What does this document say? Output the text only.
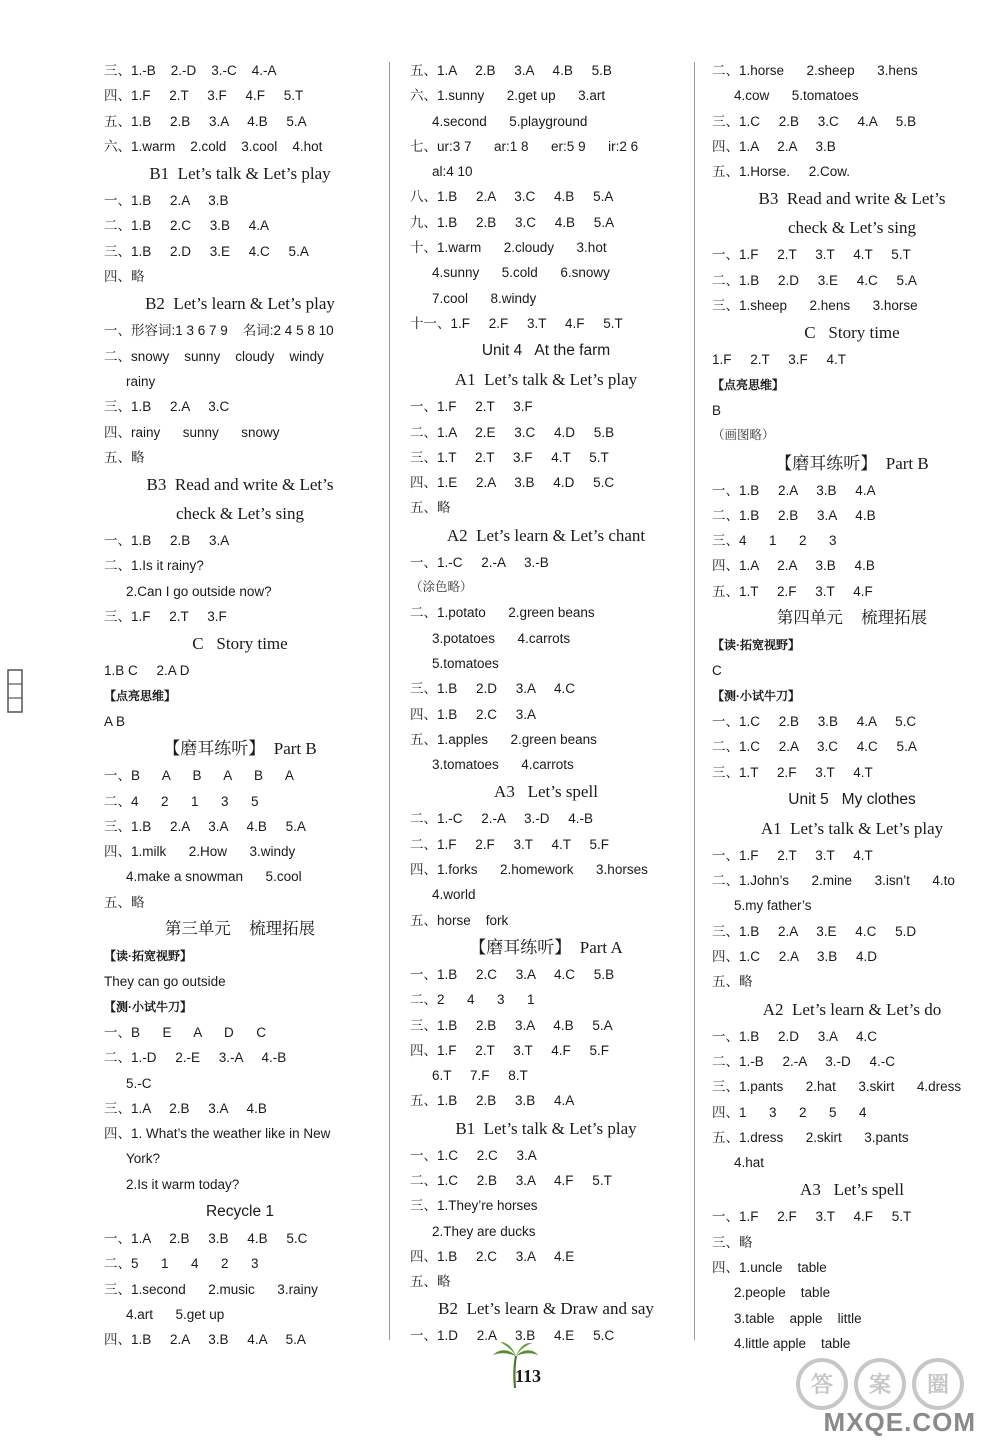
三、1.-B    2.-D    3.-C    4.-A
四、1.F     2.T     3.F     4.F     5.T
五、1.B     2.B     3.A     4.B     5.A
六、1.warm    2.cold    3.cool    4.hot
B1  Let’s talk & Let’s play
一、1.B     2.A     3.B
二、1.B     2.C     3.B     4.A
三、1.B     2.D     3.E     4.C     5.A
四、略
B2  Let’s learn & Let’s play
一、形容词:1 3 6 7 9    名词:2 4 5 8 10
二、snowy    sunny    cloudy    windy
rainy
三、1.B     2.A     3.C
四、rainy      sunny      snowy
五、略
B3  Read and write & Let’s
check & Let’s sing
一、1.B     2.B     3.A
二、1.Is it rainy?
2.Can I go outside now?
三、1.F     2.T     3.F
C   Story time
1.B C     2.A D
【点亮思维】
A B
【磨耳练听】  Part B
一、B      A      B      A      B      A
二、4      2      1      3      5
三、1.B     2.A     3.A     4.B     5.A
四、1.milk      2.How      3.windy
4.make a snowman      5.cool
五、略
第三单元    梳理拓展
【读·拓宽视野】
They can go outside
【测·小试牛刀】
一、B      E      A      D      C
二、1.-D     2.-E     3.-A     4.-B
5.-C
三、1.A     2.B     3.A     4.B
四、1. What’s the weather like in New
York?
2.Is it warm today?
Recycle 1
一、1.A     2.B     3.B     4.B     5.C
二、5      1      4      2      3
三、1.second      2.music      3.rainy
4.art      5.get up
四、1.B     2.A     3.B     4.A     5.A
五、1.A     2.B     3.A     4.B     5.B
六、1.sunny      2.get up      3.art
4.second      5.playground
七、ur:3 7      ar:1 8      er:5 9      ir:2 6
al:4 10
八、1.B     2.A     3.C     4.B     5.A
九、1.B     2.B     3.C     4.B     5.A
十、1.warm      2.cloudy      3.hot
4.sunny      5.cold      6.snowy
7.cool      8.windy
十一、1.F     2.F     3.T     4.F     5.T
Unit 4   At the farm
A1  Let’s talk & Let’s play
一、1.F     2.T     3.F
二、1.A     2.E     3.C     4.D     5.B
三、1.T     2.T     3.F     4.T     5.T
四、1.E     2.A     3.B     4.D     5.C
五、略
A2  Let’s learn & Let’s chant
一、1.-C     2.-A     3.-B
（涂色略）
二、1.potato      2.green beans
3.potatoes      4.carrots
5.tomatoes
三、1.B     2.D     3.A     4.C
四、1.B     2.C     3.A
五、1.apples      2.green beans
3.tomatoes      4.carrots
A3   Let’s spell
二、1.-C     2.-A     3.-D     4.-B
二、1.F     2.F     3.T     4.T     5.F
四、1.forks      2.homework      3.horses
4.world
五、horse    fork
【磨耳练听】  Part A
一、1.B     2.C     3.A     4.C     5.B
二、2      4      3      1
三、1.B     2.B     3.A     4.B     5.A
四、1.F     2.T     3.T     4.F     5.F
6.T     7.F     8.T
五、1.B     2.B     3.B     4.A
B1  Let’s talk & Let’s play
一、1.C     2.C     3.A
二、1.C     2.B     3.A     4.F     5.T
三、1.They’re horses
2.They are ducks
四、1.B     2.C     3.A     4.E
五、略
B2  Let’s learn & Draw and say
一、1.D     2.A     3.B     4.E     5.C
二、1.horse      2.sheep      3.hens
4.cow      5.tomatoes
三、1.C     2.B     3.C     4.A     5.B
四、1.A     2.A     3.B
五、1.Horse.     2.Cow.
B3  Read and write & Let’s
check & Let’s sing
一、1.F     2.T     3.T     4.T     5.T
二、1.B     2.D     3.E     4.C     5.A
三、1.sheep      2.hens      3.horse
C   Story time
1.F     2.T     3.F     4.T
【点亮思维】
B
（画图略）
【磨耳练听】  Part B
一、1.B     2.A     3.B     4.A
二、1.B     2.B     3.A     4.B
三、4      1      2      3
四、1.A     2.A     3.B     4.B
五、1.T     2.F     3.T     4.F
第四单元    梳理拓展
【读·拓宽视野】
C
【测·小试牛刀】
一、1.C     2.B     3.B     4.A     5.C
二、1.C     2.A     3.C     4.C     5.A
三、1.T     2.F     3.T     4.T
Unit 5   My clothes
A1  Let’s talk & Let’s play
一、1.F     2.T     3.T     4.T
二、1.John’s      2.mine      3.isn’t      4.to
5.my father’s
三、1.B     2.A     3.E     4.C     5.D
四、1.C     2.A     3.B     4.D
五、略
A2  Let’s learn & Let’s do
一、1.B     2.D     3.A     4.C
二、1.-B     2.-A     3.-D     4.-C
三、1.pants      2.hat      3.skirt      4.dress
四、1      3      2      5      4
五、1.dress      2.skirt      3.pants
4.hat
A3   Let’s spell
一、1.F     2.F     3.T     4.F     5.T
三、略
四、1.uncle    table
2.people    table
3.table    apple    little
4.little apple    table
113	答 案 圈
MXQE.COM
